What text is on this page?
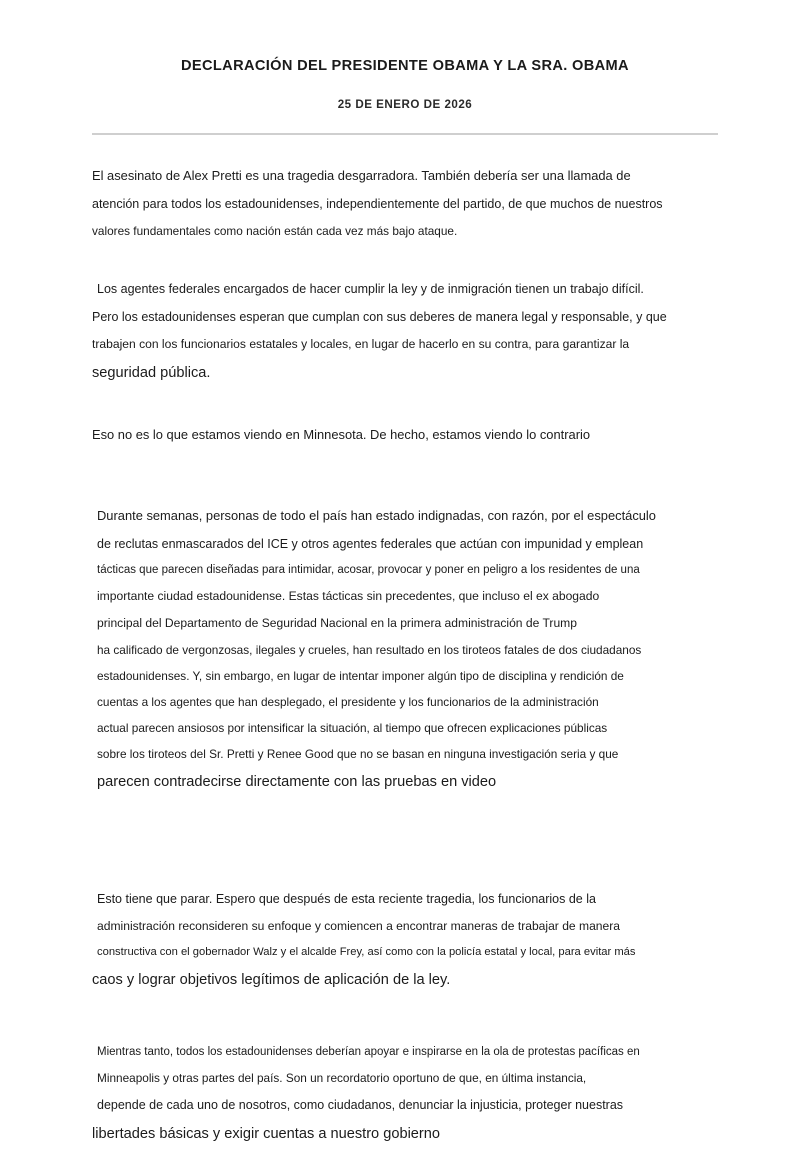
DECLARACIÓN DEL PRESIDENTE OBAMA Y LA SRA. OBAMA
25 DE ENERO DE 2026

El asesinato de Alex Pretti es una tragedia desgarradora. También debería ser una llamada de
atención para todos los estadounidenses, independientemente del partido, de que muchos de nuestros
valores fundamentales como nación están cada vez más bajo ataque.

Los agentes federales encargados de hacer cumplir la ley y de inmigración tienen un trabajo difícil.
Pero los estadounidenses esperan que cumplan con sus deberes de manera legal y responsable, y que
trabajen con los funcionarios estatales y locales, en lugar de hacerlo en su contra, para garantizar la
seguridad pública.

Eso no es lo que estamos viendo en Minnesota. De hecho, estamos viendo lo contrario

Durante semanas, personas de todo el país han estado indignadas, con razón, por el espectáculo
de reclutas enmascarados del ICE y otros agentes federales que actúan con impunidad y emplean
tácticas que parecen diseñadas para intimidar, acosar, provocar y poner en peligro a los residentes de una
importante ciudad estadounidense. Estas tácticas sin precedentes, que incluso el ex abogado
principal del Departamento de Seguridad Nacional en la primera administración de Trump
ha calificado de vergonzosas, ilegales y crueles, han resultado en los tiroteos fatales de dos ciudadanos
estadounidenses. Y, sin embargo, en lugar de intentar imponer algún tipo de disciplina y rendición de
cuentas a los agentes que han desplegado, el presidente y los funcionarios de la administración
actual parecen ansiosos por intensificar la situación, al tiempo que ofrecen explicaciones públicas
sobre los tiroteos del Sr. Pretti y Renee Good que no se basan en ninguna investigación seria y que
parecen contradecirse directamente con las pruebas en video

Esto tiene que parar. Espero que después de esta reciente tragedia, los funcionarios de la
administración reconsideren su enfoque y comiencen a encontrar maneras de trabajar de manera
constructiva con el gobernador Walz y el alcalde Frey, así como con la policía estatal y local, para evitar más
caos y lograr objetivos legítimos de aplicación de la ley.

Mientras tanto, todos los estadounidenses deberían apoyar e inspirarse en la ola de protestas pacíficas en
Minneapolis y otras partes del país. Son un recordatorio oportuno de que, en última instancia,
depende de cada uno de nosotros, como ciudadanos, denunciar la injusticia, proteger nuestras
libertades básicas y exigir cuentas a nuestro gobierno
